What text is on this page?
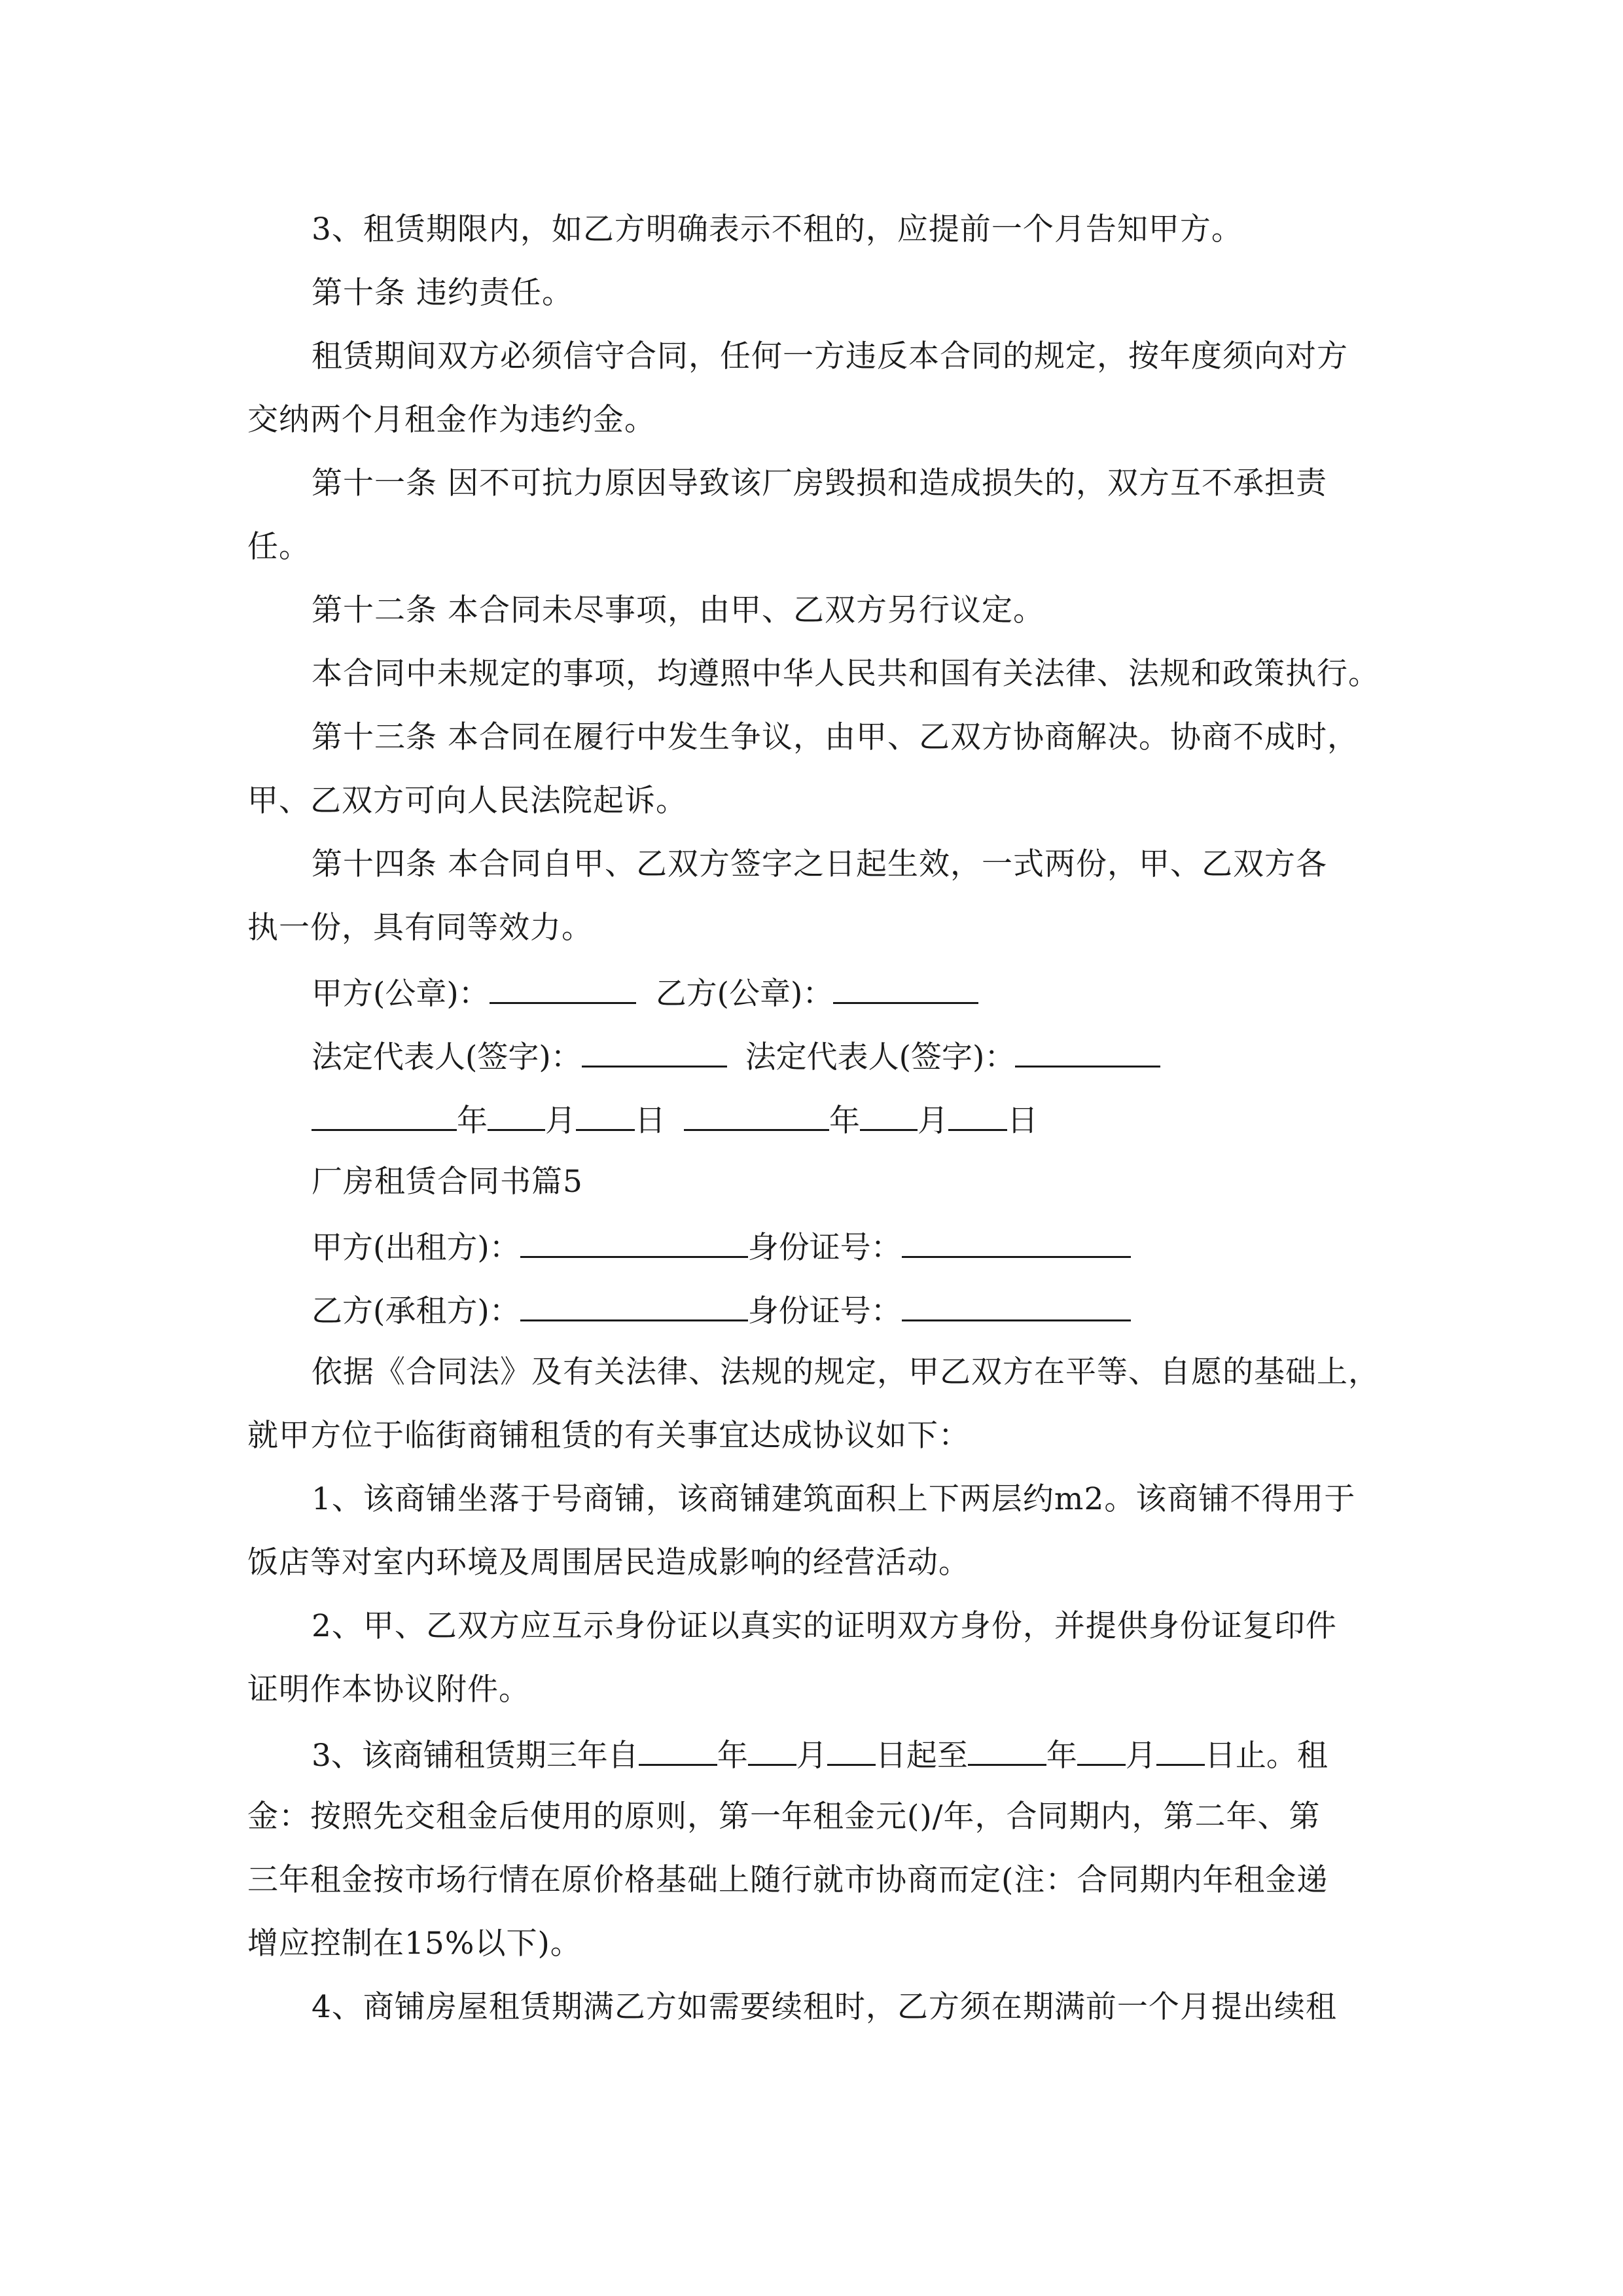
3、租赁期限内，如乙方明确表示不租的，应提前一个月告知甲方。
第十条 违约责任。
租赁期间双方必须信守合同，任何一方违反本合同的规定，按年度须向对方
交纳两个月租金作为违约金。
第十一条 因不可抗力原因导致该厂房毁损和造成损失的，双方互不承担责
任。
第十二条 本合同未尽事项，由甲、乙双方另行议定。
本合同中未规定的事项，均遵照中华人民共和国有关法律、法规和政策执行。
第十三条 本合同在履行中发生争议，由甲、乙双方协商解决。协商不成时，
甲、乙双方可向人民法院起诉。
第十四条 本合同自甲、乙双方签字之日起生效，一式两份，甲、乙双方各
执一份，具有同等效力。
甲方(公章)：	乙方(公章)：
法定代表人(签字)：	法定代表人(签字)：
年 月 日	年 月 日
厂房租赁合同书篇5
甲方(出租方)：	身份证号：
乙方(承租方)：	身份证号：
依据《合同法》及有关法律、法规的规定，甲乙双方在平等、自愿的基础上，
就甲方位于临街商铺租赁的有关事宜达成协议如下：
1、该商铺坐落于号商铺，该商铺建筑面积上下两层约m2。该商铺不得用于
饭店等对室内环境及周围居民造成影响的经营活动。
2、甲、乙双方应互示身份证以真实的证明双方身份，并提供身份证复印件
证明作本协议附件。
3、该商铺租赁期三年自	年 月 日起至	年 月 日止。租
金：按照先交租金后使用的原则，第一年租金元()/年，合同期内，第二年、第
三年租金按市场行情在原价格基础上随行就市协商而定(注：合同期内年租金递
增应控制在15%以下)。
4、商铺房屋租赁期满乙方如需要续租时，乙方须在期满前一个月提出续租
